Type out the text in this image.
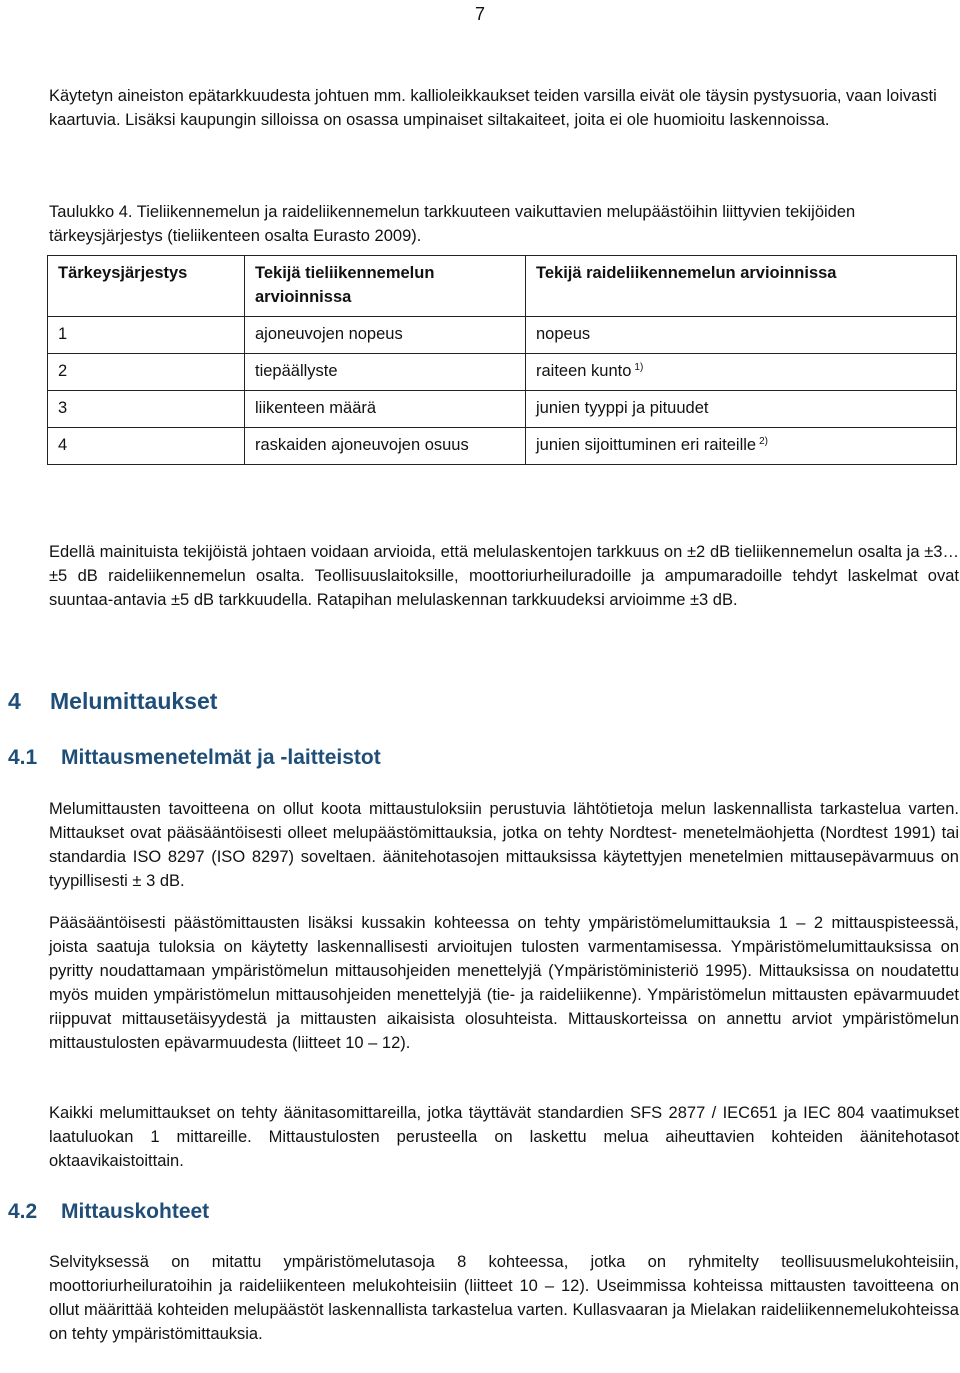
7
Käytetyn aineiston epätarkkuudesta johtuen mm. kallioleikkaukset teiden varsilla eivät ole täysin pystysuoria, vaan loivasti kaartuvia. Lisäksi kaupungin silloissa on osassa umpinaiset siltakaiteet, joita ei ole huomioitu laskennoissa.
Taulukko 4. Tieliikennemelun ja raideliikennemelun tarkkuuteen vaikuttavien melupäästöihin liittyvien tekijöiden tärkeysjärjestys (tieliikenteen osalta Eurasto 2009).
Tärkeysjärjestys	Tekijä tieliikennemelun arvioinnissa	Tekijä raideliikennemelun arvioinnissa
1	ajoneuvojen nopeus	nopeus
2	tiepäällyste	raiteen kunto $^{1)}$
3	liikenteen määrä	junien tyyppi ja pituudet
4	raskaiden ajoneuvojen osuus	junien sijoittuminen eri raiteille $^{2)}$
Edellä mainituista tekijöistä johtaen voidaan arvioida, että melulaskentojen tarkkuus on ±2 dB tieliikennemelun osalta ja ±3…±5 dB raideliikennemelun osalta. Teollisuuslaitoksille, moottoriurheiluradoille ja ampumaradoille tehdyt laskelmat ovat suuntaa-antavia ±5 dB tarkkuudella. Ratapihan melulaskennan tarkkuudeksi arvioimme ±3 dB.
4 Melumittaukset
4.1 Mittausmenetelmät ja -laitteistot
Melumittausten tavoitteena on ollut koota mittaustuloksiin perustuvia lähtötietoja melun laskennallista tarkastelua varten. Mittaukset ovat pääsääntöisesti olleet melupäästömittauksia, jotka on tehty Nordtest- menetelmäohjetta (Nordtest 1991) tai standardia ISO 8297 (ISO 8297) soveltaen. äänitehotasojen mittauksissa käytettyjen menetelmien mittausepävarmuus on tyypillisesti ± 3 dB.
Pääsääntöisesti päästömittausten lisäksi kussakin kohteessa on tehty ympäristömelumittauksia 1 – 2 mittauspisteessä, joista saatuja tuloksia on käytetty laskennallisesti arvioitujen tulosten varmentamisessa. Ympäristömelumittauksissa on pyritty noudattamaan ympäristömelun mittausohjeiden menettelyjä (Ympäristöministeriö 1995). Mittauksissa on noudatettu myös muiden ympäristömelun mittausohjeiden menettelyjä (tie- ja raideliikenne). Ympäristömelun mittausten epävarmuudet riippuvat mittausetäisyydestä ja mittausten aikaisista olosuhteista. Mittauskorteissa on annettu arviot ympäristömelun mittaustulosten epävarmuudesta (liitteet 10 – 12).
Kaikki melumittaukset on tehty äänitasomittareilla, jotka täyttävät standardien SFS 2877 / IEC651 ja IEC 804 vaatimukset laatuluokan 1 mittareille. Mittaustulosten perusteella on laskettu melua aiheuttavien kohteiden äänitehotasot oktaavikaistoittain.
4.2 Mittauskohteet
Selvityksessä on mitattu ympäristömelutasoja 8 kohteessa, jotka on ryhmitelty teollisuusmelukohteisiin, moottoriurheiluratoihin ja raideliikenteen melukohteisiin (liitteet 10 – 12). Useimmissa kohteissa mittausten tavoitteena on ollut määrittää kohteiden melupäästöt laskennallista tarkastelua varten. Kullasvaaran ja Mielakan raideliikennemelukohteissa on tehty ympäristömittauksia.
